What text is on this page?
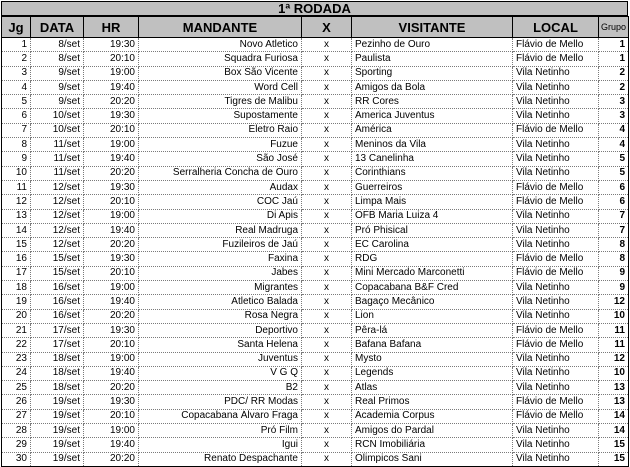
1ª RODADA
Jg	DATA	HR	MANDANTE	X	VISITANTE	LOCAL	Grupo
1	8/set	19:30	Novo Atletico	x	Pezinho de Ouro	Flávio de Mello	1
2	8/set	20:10	Squadra Furiosa	x	Paulista	Flávio de Mello	1
3	9/set	19:00	Box São Vicente	x	Sporting	Vila Netinho	2
4	9/set	19:40	Word Cell	x	Amigos da Bola	Vila Netinho	2
5	9/set	20:20	Tigres de Malibu	x	RR Cores	Vila Netinho	3
6	10/set	19:30	Supostamente	x	America Juventus	Vila Netinho	3
7	10/set	20:10	Eletro Raio	x	América	Flávio de Mello	4
8	11/set	19:00	Fuzue	x	Meninos da Vila	Vila Netinho	4
9	11/set	19:40	São José	x	13 Canelinha	Vila Netinho	5
10	11/set	20:20	Serralheria Concha de Ouro	x	Corinthians	Vila Netinho	5
11	12/set	19:30	Audax	x	Guerreiros	Flávio de Mello	6
12	12/set	20:10	COC Jaú	x	Limpa Mais	Flávio de Mello	6
13	12/set	19:00	Di Apis	x	OFB Maria Luiza 4	Vila Netinho	7
14	12/set	19:40	Real Madruga	x	Pró Phisical	Vila Netinho	7
15	12/set	20:20	Fuzileiros de Jaú	x	EC Carolina	Vila Netinho	8
16	15/set	19:30	Faxina	x	RDG	Flávio de Mello	8
17	15/set	20:10	Jabes	x	Mini Mercado Marconetti	Flávio de Mello	9
18	16/set	19:00	Migrantes	x	Copacabana B&F Cred	Vila Netinho	9
19	16/set	19:40	Atletico Balada	x	Bagaço Mecânico	Vila Netinho	12
20	16/set	20:20	Rosa Negra	x	Lion	Vila Netinho	10
21	17/set	19:30	Deportivo	x	Pêra-lá	Flávio de Mello	11
22	17/set	20:10	Santa Helena	x	Bafana Bafana	Flávio de Mello	11
23	18/set	19:00	Juventus	x	Mysto	Vila Netinho	12
24	18/set	19:40	V G Q	x	Legends	Vila Netinho	10
25	18/set	20:20	B2	x	Atlas	Vila Netinho	13
26	19/set	19:30	PDC/ RR Modas	x	Real Primos	Flávio de Mello	13
27	19/set	20:10	Copacabana Álvaro Fraga	x	Academia Corpus	Flávio de Mello	14
28	19/set	19:00	Pró Film	x	Amigos do Pardal	Vila Netinho	14
29	19/set	19:40	Igui	x	RCN Imobiliária	Vila Netinho	15
30	19/set	20:20	Renato Despachante	x	Olimpicos Sani	Vila Netinho	15
